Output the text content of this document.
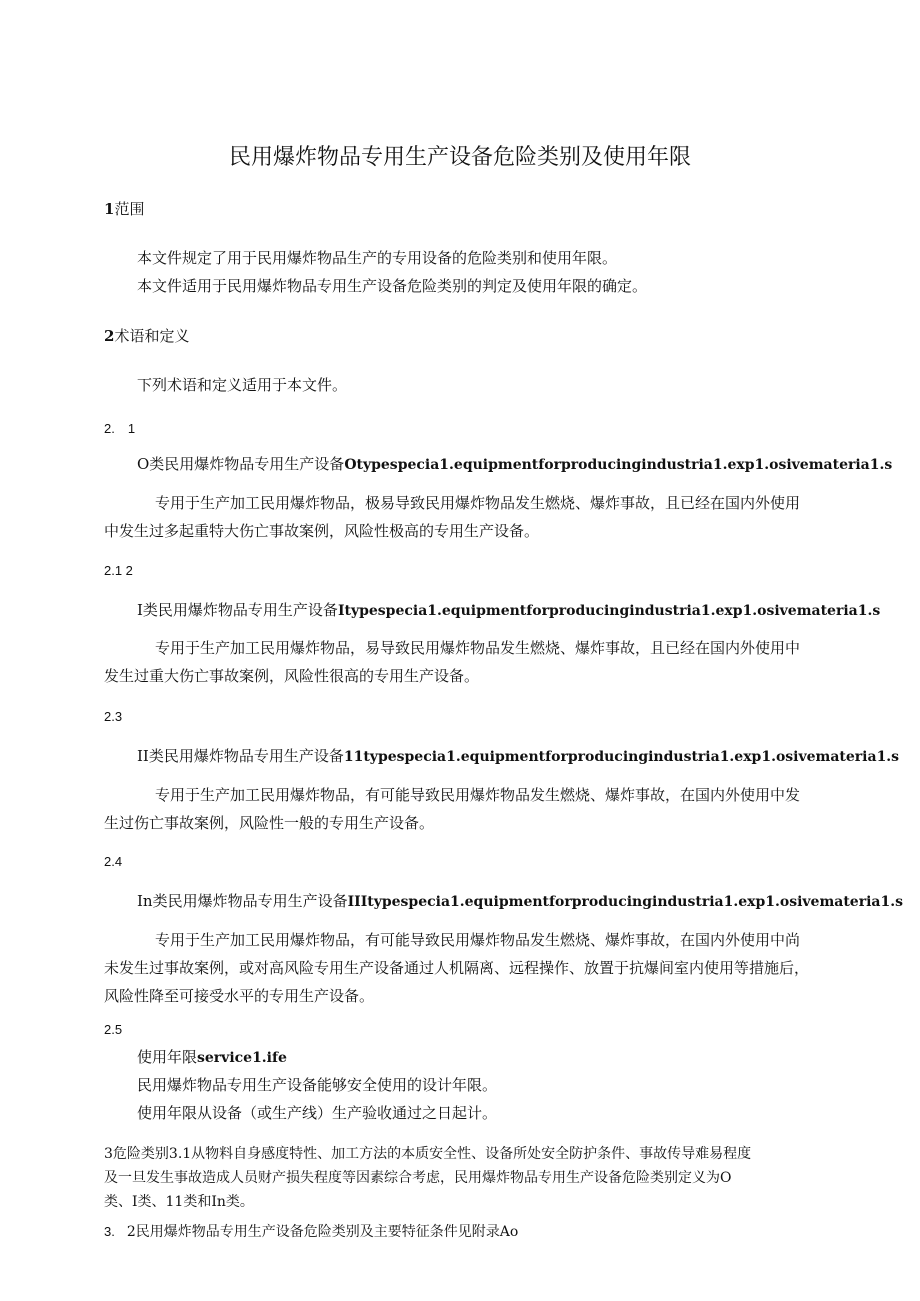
民用爆炸物品专用生产设备危险类别及使用年限
1范围
本文件规定了用于民用爆炸物品生产的专用设备的危险类别和使用年限。
本文件适用于民用爆炸物品专用生产设备危险类别的判定及使用年限的确定。
2术语和定义
下列术语和定义适用于本文件。
2.　1
O类民用爆炸物品专用生产设备Otypespecia1.equipmentforproducingindustria1.exp1.osivemateria1.s
专用于生产加工民用爆炸物品，极易导致民用爆炸物品发生燃烧、爆炸事故，且已经在国内外使用
中发生过多起重特大伤亡事故案例，风险性极高的专用生产设备。
2.1 2
I类民用爆炸物品专用生产设备Itypespecia1.equipmentforproducingindustria1.exp1.osivemateria1.s
专用于生产加工民用爆炸物品，易导致民用爆炸物品发生燃烧、爆炸事故，且已经在国内外使用中
发生过重大伤亡事故案例，风险性很高的专用生产设备。
2.3
II类民用爆炸物品专用生产设备11typespecia1.equipmentforproducingindustria1.exp1.osivemateria1.s
专用于生产加工民用爆炸物品，有可能导致民用爆炸物品发生燃烧、爆炸事故，在国内外使用中发
生过伤亡事故案例，风险性一般的专用生产设备。
2.4
In类民用爆炸物品专用生产设备IIItypespecia1.equipmentforproducingindustria1.exp1.osivemateria1.s
专用于生产加工民用爆炸物品，有可能导致民用爆炸物品发生燃烧、爆炸事故，在国内外使用中尚
未发生过事故案例，或对高风险专用生产设备通过人机隔离、远程操作、放置于抗爆间室内使用等措施后，
风险性降至可接受水平的专用生产设备。
2.5
使用年限service1.ife
民用爆炸物品专用生产设备能够安全使用的设计年限。
使用年限从设备（或生产线）生产验收通过之日起计。
3危险类别3.1从物料自身感度特性、加工方法的本质安全性、设备所处安全防护条件、事故传导难易程度
及一旦发生事故造成人员财产损失程度等因素综合考虑，民用爆炸物品专用生产设备危险类别定义为O
类、I类、11类和In类。
3. 2民用爆炸物品专用生产设备危险类别及主要特征条件见附录Ao
